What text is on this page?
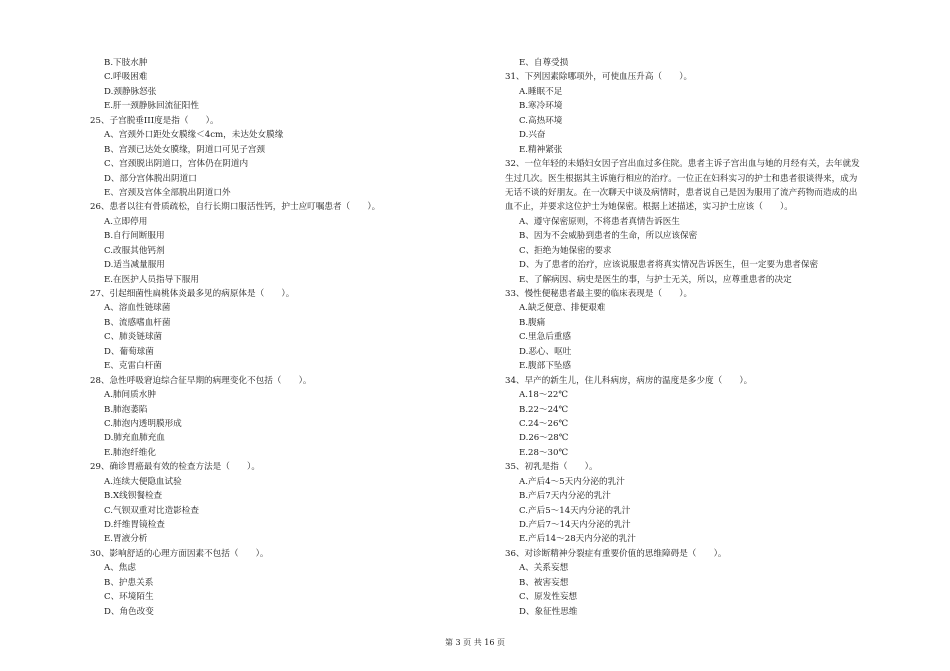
B.下肢水肿
C.呼吸困难
D.颈静脉怒张
E.肝一颈静脉回流征阳性
25、子宫脱垂III度是指（　　）。
A、宫颈外口距处女膜缘＜4cm，未达处女膜缘
B、宫颈已达处女膜缘，阴道口可见子宫颈
C、宫颈脱出阴道口，宫体仍在阴道内
D、部分宫体脱出阴道口
E、宫颈及宫体全部脱出阴道口外
26、患者以往有骨质疏松，自行长期口服活性钙，护士应叮嘱患者（　　）。
A.立即停用
B.自行间断服用
C.改服其他钙剂
D.适当减量服用
E.在医护人员指导下服用
27、引起细菌性扁桃体炎最多见的病原体是（　　）。
A、溶血性链球菌
B、流感嗜血杆菌
C、肺炎链球菌
D、葡萄球菌
E、克雷白杆菌
28、急性呼吸窘迫综合征早期的病理变化不包括（　　）。
A.肺间质水肿
B.肺泡萎陷
C.肺泡内透明膜形成
D.肺充血肺充血
E.肺泡纤维化
29、确诊胃癌最有效的检查方法是（　　）。
A.连续大便隐血试验
B.X线钡餐检查
C.气钡双重对比造影检查
D.纤维胃镜检查
E.胃液分析
30、影响舒适的心理方面因素不包括（　　）。
A、焦虑
B、护患关系
C、环境陌生
D、角色改变
E、自尊受损
31、下列因素除哪项外，可使血压升高（　　）。
A.睡眠不足
B.寒冷环境
C.高热环境
D.兴奋
E.精神紧张
32、一位年轻的未婚妇女因子宫出血过多住院。患者主诉子宫出血与她的月经有关，去年就发
生过几次。医生根据其主诉施行相应的治疗。一位正在妇科实习的护士和患者很谈得来，成为
无话不谈的好朋友。在一次聊天中谈及病情时，患者说自己是因为服用了流产药物而造成的出
血不止，并要求这位护士为她保密。根据上述描述，实习护士应该（　　）。
A、遵守保密原则，不将患者真情告诉医生
B、因为不会威胁到患者的生命，所以应该保密
C、拒绝为她保密的要求
D、为了患者的治疗，应该说服患者将真实情况告诉医生，但一定要为患者保密
E、了解病因、病史是医生的事，与护士无关，所以，应尊重患者的决定
33、慢性便秘患者最主要的临床表现是（　　）。
A.缺乏便意、排便艰难
B.腹痛
C.里急后重感
D.恶心、呕吐
E.腹部下坠感
34、早产的新生儿，住儿科病房，病房的温度是多少度（　　）。
A.18～22℃
B.22～24℃
C.24～26℃
D.26～28℃
E.28～30℃
35、初乳是指（　　）。
A.产后4～5天内分泌的乳汁
B.产后7天内分泌的乳汁
C.产后5～14天内分泌的乳汁
D.产后7～14天内分泌的乳汁
E.产后14～28天内分泌的乳汁
36、对诊断精神分裂症有重要价值的思维障碍是（　　）。
A、关系妄想
B、被害妄想
C、原发性妄想
D、象征性思维
第 3 页 共 16 页
